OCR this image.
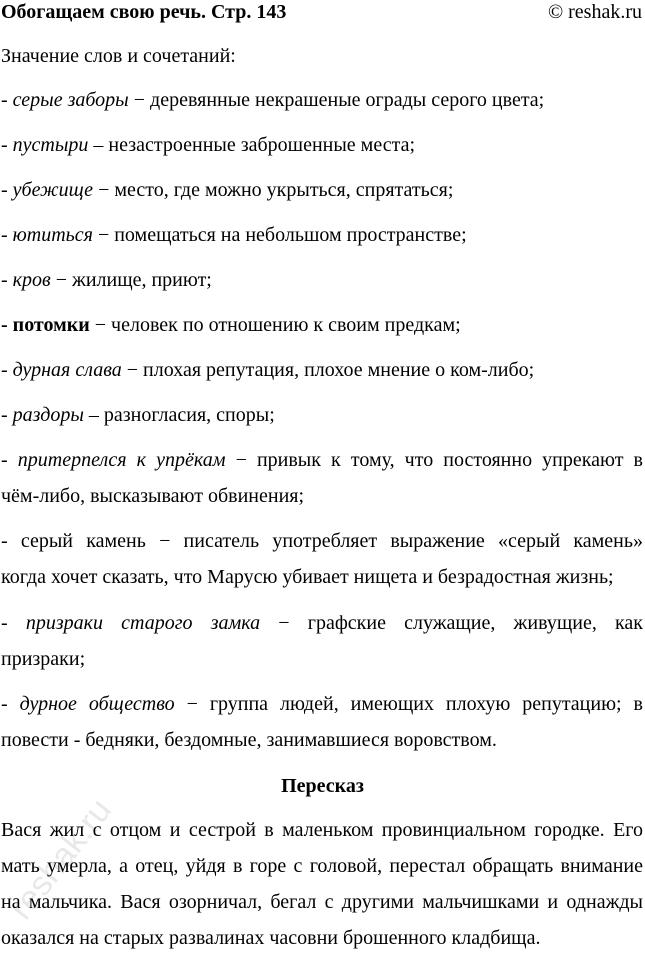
Обогащаем свою речь. Стр. 143	© reshak.ru
Значение слов и сочетаний:
- серые заборы − деревянные некрашеные ограды серого цвета;
- пустыри – незастроенные заброшенные места;
- убежище − место, где можно укрыться, спрятаться;
- ютиться − помещаться на небольшом пространстве;
- кров − жилище, приют;
- потомки − человек по отношению к своим предкам;
- дурная слава − плохая репутация, плохое мнение о ком-либо;
- раздоры – разногласия, споры;
- притерпелся к упрёкам − привык к тому, что постоянно упрекают в
чём-либо, высказывают обвинения;
- серый камень − писатель употребляет выражение «серый камень»
когда хочет сказать, что Марусю убивает нищета и безрадостная жизнь;
- призраки старого замка − графские служащие, живущие, как
призраки;
- дурное общество − группа людей, имеющих плохую репутацию; в
повести - бедняки, бездомные, занимавшиеся воровством.
Пересказ
Вася жил с отцом и сестрой в маленьком провинциальном городке. Его
мать умерла, а отец, уйдя в горе с головой, перестал обращать внимание
на мальчика. Вася озорничал, бегал с другими мальчишками и однажды
оказался на старых развалинах часовни брошенного кладбища.
reshak.ru
